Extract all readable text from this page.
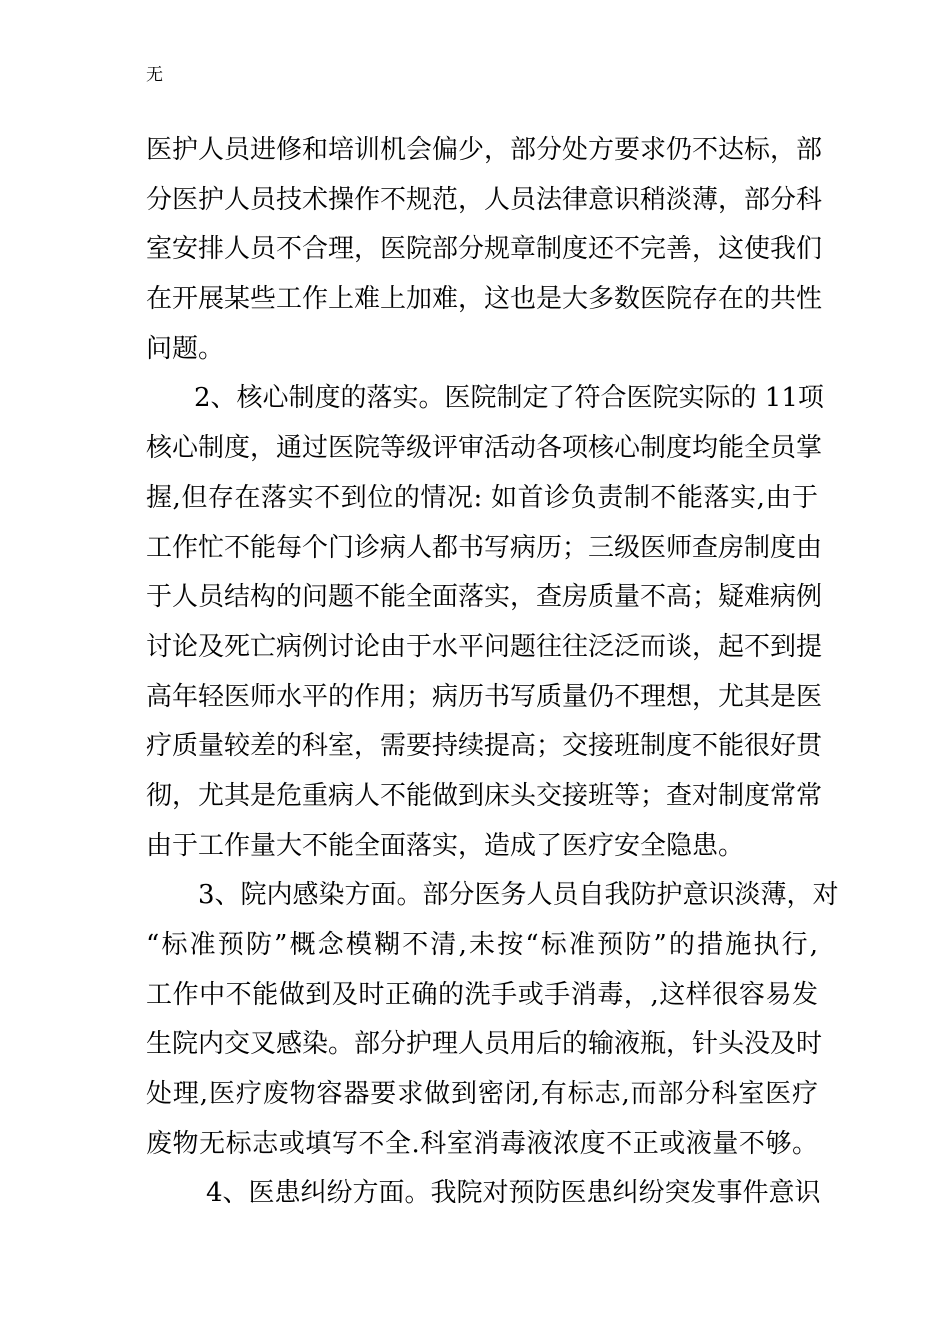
无
医护人员进修和培训机会偏少，部分处方要求仍不达标，部
分医护人员技术操作不规范，人员法律意识稍淡薄，部分科
室安排人员不合理，医院部分规章制度还不完善，这使我们
在开展某些工作上难上加难，这也是大多数医院存在的共性
问题。
2、核心制度的落实。医院制定了符合医院实际的 11项
核心制度，通过医院等级评审活动各项核心制度均能全员掌
握,但存在落实不到位的情况: 如首诊负责制不能落实,由于
工作忙不能每个门诊病人都书写病历；三级医师查房制度由
于人员结构的问题不能全面落实，查房质量不高；疑难病例
讨论及死亡病例讨论由于水平问题往往泛泛而谈，起不到提
高年轻医师水平的作用；病历书写质量仍不理想，尤其是医
疗质量较差的科室，需要持续提高；交接班制度不能很好贯
彻，尤其是危重病人不能做到床头交接班等；查对制度常常
由于工作量大不能全面落实，造成了医疗安全隐患。
3、院内感染方面。部分医务人员自我防护意识淡薄，对
“标准预防”概念模糊不清,未按“标准预防”的措施执行,
工作中不能做到及时正确的洗手或手消毒，,这样很容易发
生院内交叉感染。部分护理人员用后的输液瓶，针头没及时
处理,医疗废物容器要求做到密闭,有标志,而部分科室医疗
废物无标志或填写不全.科室消毒液浓度不正或液量不够。
4、医患纠纷方面。我院对预防医患纠纷突发事件意识
